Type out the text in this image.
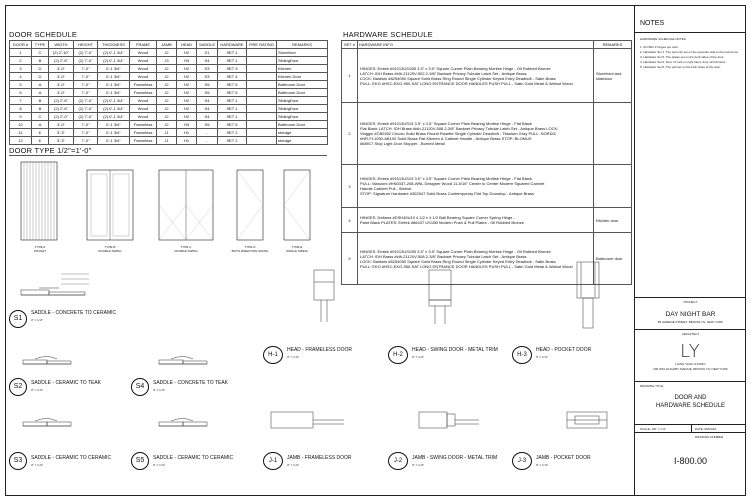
DOOR SCHEDULE
DOOR #	TYPE	WIDTH	HEIGHT	THICKNESS	FRAME	JAMB	HEAD	SADDLE	HARDWARE	FIRE RATING	REMARKS
1	C	(2) 2'-10"	(2) 7'-0"	(2) 0'-1 3/4"	Wood	J2	H2	S1	SET 1		Storefront
2	B	(2) 2'-6"	(2) 7'-0"	(2) 0'-1 3/4"	Wood	J3	H3	S4	SET 1		SlidingDoor
3	D	3'-0"	7'-0"	0'-1 3/4"	Wood	J2	H2	S3	SET 3		Kitchen
4	D	3'-0"	7'-0"	0'-1 3/4"	Wood	J2	H2	S3	SET 4		Kitchen Door
5	A	3'-0"	7'-0"	0'-1 3/4"	Frameless	J2	H2	S5	SET 5		Bathroom Door
6	A	3'-0"	7'-0"	0'-1 3/4"	Frameless	J2	H2	S5	SET 5		Bathroom Door
7	B	(2) 2'-6"	(2) 7'-0"	(2) 0'-1 3/4"	Wood	J2	H2	S4	SET 1		SlidingDoor
8	B	(2) 2'-6"	(2) 7'-0"	(2) 0'-1 3/4"	Wood	J2	H2	S4	SET 1		SlidingDoor
9	C	(2) 2'-0"	(2) 7'-0"	(2) 0'-1 3/4"	Wood	J2	H2	S4	SET 1		SlidingDoor
10	A	3'-0"	7'-0"	0'-1 3/4"	Frameless	J2	H3	S5	SET 5		Bathroom Door
11	E	3'-3"	7'-0"	0'-1 3/4"	Frameless	J1	H1	-	SET 2		storage
12	E	3'-3"	7'-0"	0'-1 3/4"	Frameless	J1	H1	-	SET 2		storage
DOOR TYPE 1/2"=1'-0"
TYPE A
POCKET
TYPE B
DOUBLE SWING
TYPE C
DOUBLE SWING
TYPE D
BOTH DIRECTION SWING
TYPE E
SINGLE SWING
HARDWARE SCHEDULE
SET #	HARDWARE INFO	REMARKS
1	HINGES: Emtek #91013US10B 3.5" x 3.5" Square Corner Plain Bearing Mortise Hinge - Oil Rubbed Bronze
LATCH: IDH Brass #idh-21120V-502 2-3/8" Backset Privacy Tubular Latch Set - Antique Brass
LOCK: Baldwin #8254050 Square Solid Brass Ring Round Single Cylinder Keyed Entry Deadbolt - Satin Brass
PULL: EKO #HSC-EKO-950-SAT LONG ENTRANCE DOOR HANDLES PUSH PULL - Satin Gold Metal & Walnut Wood	Storefront and slidedoor
2	HINGES: Emtek #91013US19 3.5" x 3.5" Square Corner Plain Bearing Mortise Hinge - Flat Black
Flat Black LATCH: IDH Brass #idh-21120V-508 2-3/8" Backset Privacy Tubular Latch Set - Antique Brass LOCK:
Viaggio #CB0352 Circolo Solid Brass Round Rosette Single Cylinder Deadbolt - Titanium Gray PULL: NORDIC
#NR-FL1050-AB100 Solid Brass Flat Kitchen & Cabinet Handle - Antique Brass STOP: BLOMUS
#68917 Stop Light Door Stopper - Burned Metal	

3	HINGES: Emtek #91013US19 3.5" x 3.5" Square Corner Plain Bearing Mortise Hinge - Flat Black
PULL: Manzoni #HN0337-208-WNL Designer Wood 11-5/16" Center to Center Modern Squared Cabinet
Handle Cabinet Pull - Walnut
STOP: Signature Hardware #302547 Solid Brass Contemporary Flat Top Doorstop - Antique Brass	

4	HINGES: Deltana #DSH45U10 4 1/2 x 4 1/2 Ball Bearing Square Corner Spring Hinge -
Paint Black PLATES: Emtek #86437 US10B Modern Push & Pull Plates - Oil Rubbed Bronze	Kitchen door
5	HINGES: Emtek #91013US10B 3.5" x 3.5" Square Corner Plain Bearing Mortise Hinge - Oil Rubbed Bronze
LATCH: IDH Brass #idh-21120V-508 2-3/8" Backset Privacy Tubular Latch Set - Antique Brass
LOCK: Baldwin #8254050 Square Solid Brass Ring Round Single Cylinder Keyed Entry Deadbolt - Satin Brass
PULL: EKO #HSC-EKO-950-SAT LONG ENTRANCE DOOR HANDLES PUSH PULL - Satin Gold Metal & Walnut Wood	Bathroom door
S1
SADDLE - CONCRETE TO CERAMIC
3" = 1'-0"
S2	SADDLE - CERAMIC TO TEAK
3" = 1'-0"	S4	SADDLE - CONCRETE TO TEAK
3" = 1'-0"
S3	SADDLE - CERAMIC TO CERAMIC
3" = 1'-0"
S5	SADDLE - CERAMIC TO CERAMIC
3" = 1'-0"
H-1
HEAD - FRAMELESS DOOR
3" = 1'-0"	H-2
HEAD - SWING DOOR - METAL TRIM
3" = 1'-0"	H-3
HEAD - POCKET DOOR
3" = 1'-0"
J-1	JAMB - FRAMELESS DOOR
3" = 1'-0"
J-2	JAMB - SWING DOOR - METAL TRIM
3" = 1'-0"
J-3	JAMB - POCKET DOOR
3" = 1'-0"
NOTES
HARDWARE SCHEDULE NOTES
1. All Offer 3 hinges per door.
2. Hardware Set 1: The pull only set on the opposite side to the lock items.
3. Hardware Set 5: The plates set on the both sides of the door.
4. Hardware Set 2: Door 11 lock on right hand, door 12 left hand.
5. Hardware Set 5: The pull set on the both sides of the door.
PROJECT
DAY NIGHT BAR
85 GREENE STREET, BROOKLYN, NEW YORK
ARCHITECT
LY
LIANG YANG STUDIO
200 WILLOUGHBY AVENUE, BROOKLYN, NEW YORK
DRAWING TITLE
DOOR AND
HARDWARE SCHEDULE
SCALE: 1/8" = 1'-0"	DATE: 05/04/20
DRAWING NUMBER
I-800.00
